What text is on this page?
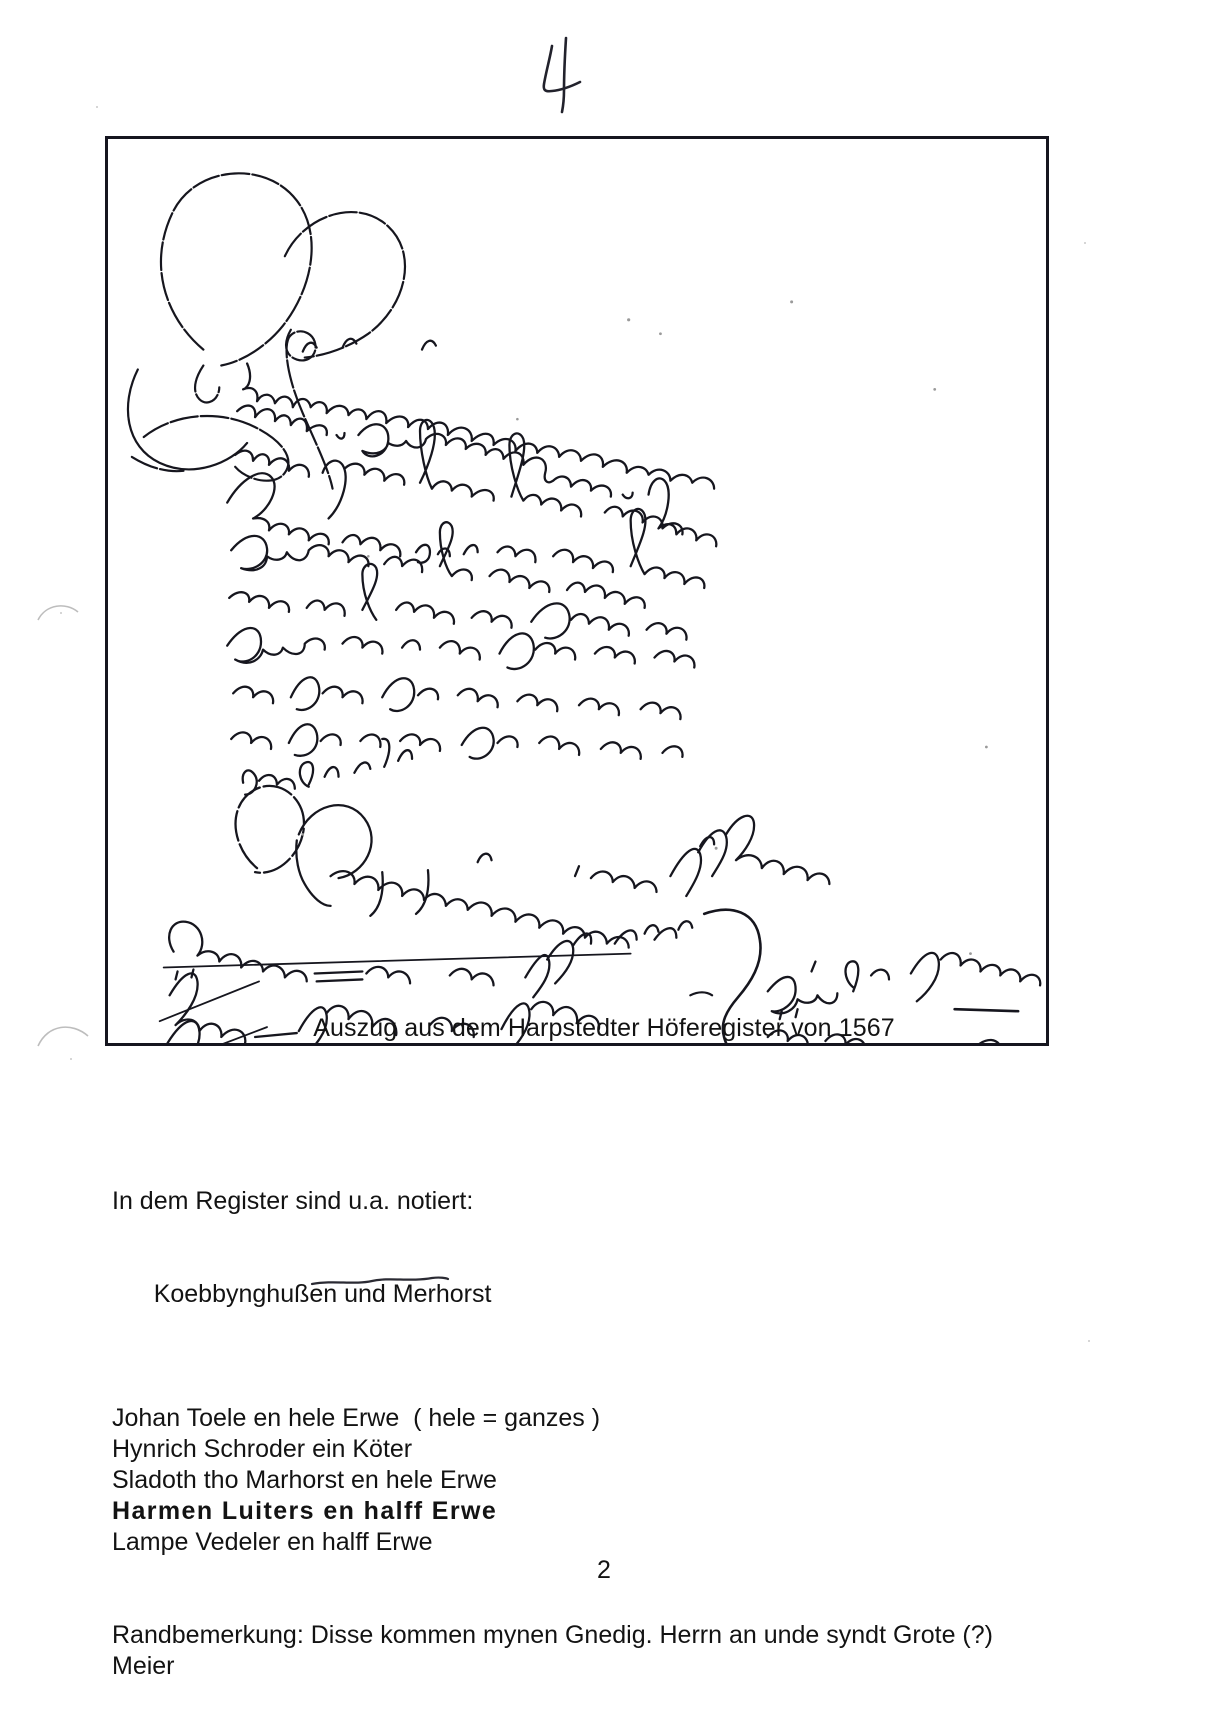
Auszug aus dem Harpstedter Höferegister von 1567
In dem Register sind u.a. notiert:

Koebbynghußen und Merhorst

Johan Toele en hele Erwe  ( hele = ganzes )
Hynrich Schroder ein Köter
Sladoth tho Marhorst en hele Erwe
Harmen Luiters en halff Erwe
Lampe Vedeler en halff Erwe
Randbemerkung: Disse kommen mynen Gnedig. Herrn an unde syndt Grote (?)
Meier
2
